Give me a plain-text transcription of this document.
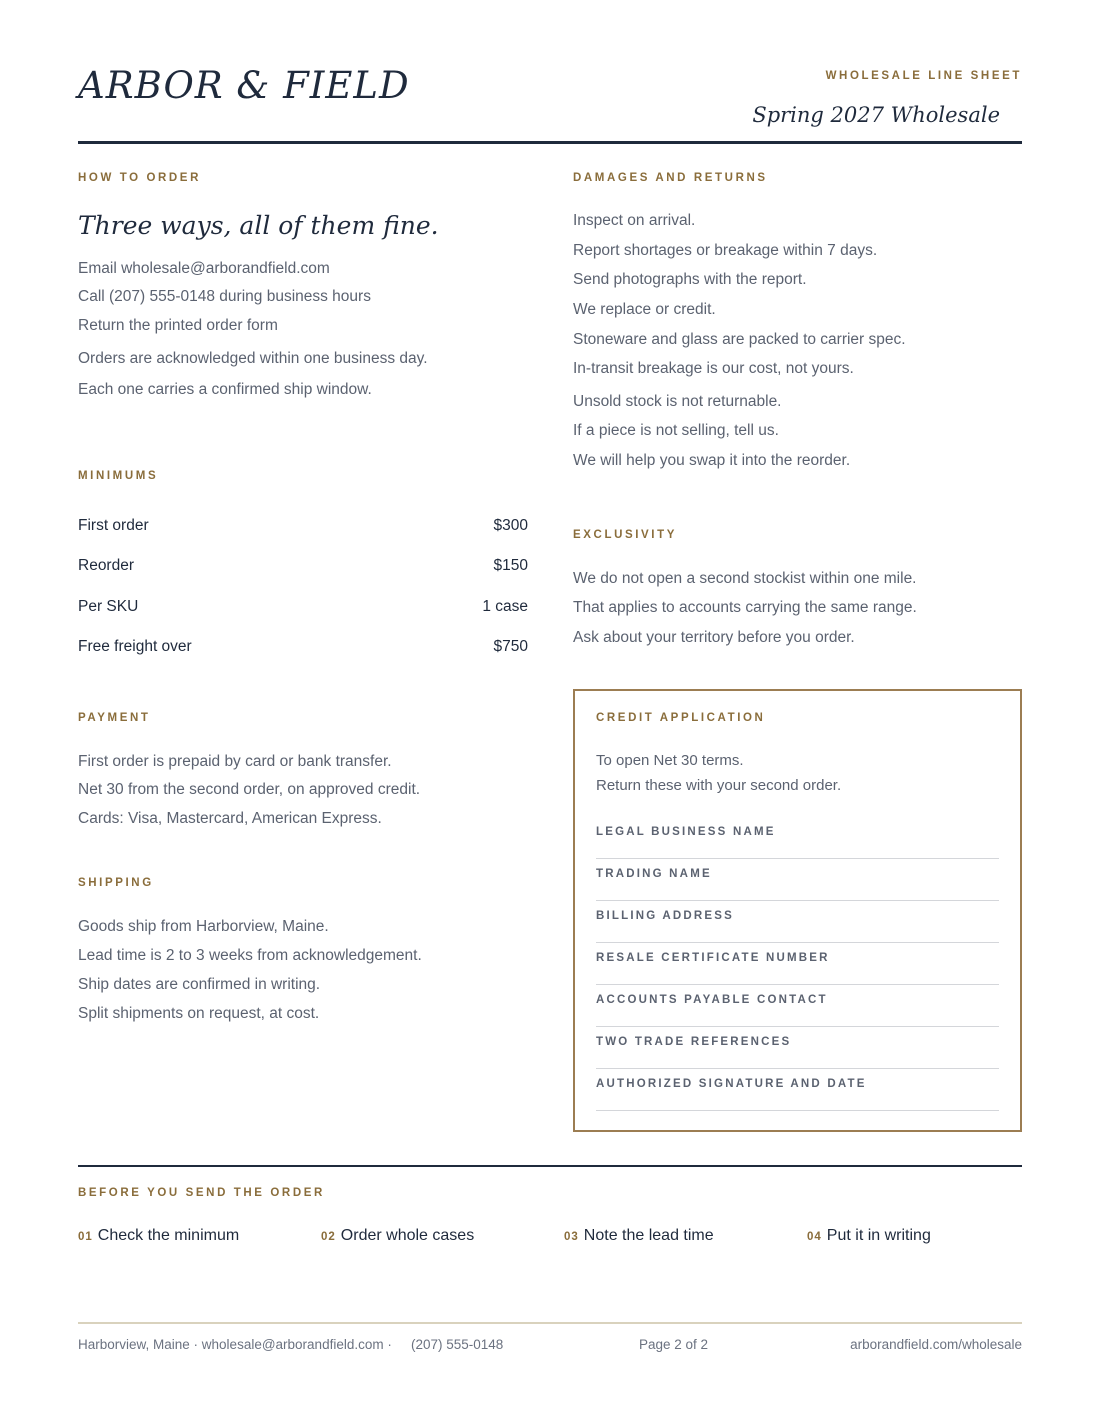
ARBOR & FIELD	WHOLESALE LINE SHEET
Spring 2027 Wholesale
HOW TO ORDER
Three ways, all of them fine.
Email wholesale@arborandfield.com
Call (207) 555-0148 during business hours
Return the printed order form
Orders are acknowledged within one business day.
Each one carries a confirmed ship window.
MINIMUMS
First order	$300
Reorder	$150
Per SKU	1 case
Free freight over	$750
PAYMENT
First order is prepaid by card or bank transfer.
Net 30 from the second order, on approved credit.
Cards: Visa, Mastercard, American Express.
SHIPPING
Goods ship from Harborview, Maine.
Lead time is 2 to 3 weeks from acknowledgement.
Ship dates are confirmed in writing.
Split shipments on request, at cost.
DAMAGES AND RETURNS
Inspect on arrival.
Report shortages or breakage within 7 days.
Send photographs with the report.
We replace or credit.
Stoneware and glass are packed to carrier spec.
In-transit breakage is our cost, not yours.
Unsold stock is not returnable.
If a piece is not selling, tell us.
We will help you swap it into the reorder.
EXCLUSIVITY
We do not open a second stockist within one mile.
That applies to accounts carrying the same range.
Ask about your territory before you order.
CREDIT APPLICATION
To open Net 30 terms.
Return these with your second order.
LEGAL BUSINESS NAME
TRADING NAME
BILLING ADDRESS
RESALE CERTIFICATE NUMBER
ACCOUNTS PAYABLE CONTACT
TWO TRADE REFERENCES
AUTHORIZED SIGNATURE AND DATE
BEFORE YOU SEND THE ORDER
01 Check the minimum	02 Order whole cases	03 Note the lead time	04 Put it in writing
Harborview, Maine · wholesale@arborandfield.com · (207) 555-0148	Page 2 of 2	arborandfield.com/wholesale
